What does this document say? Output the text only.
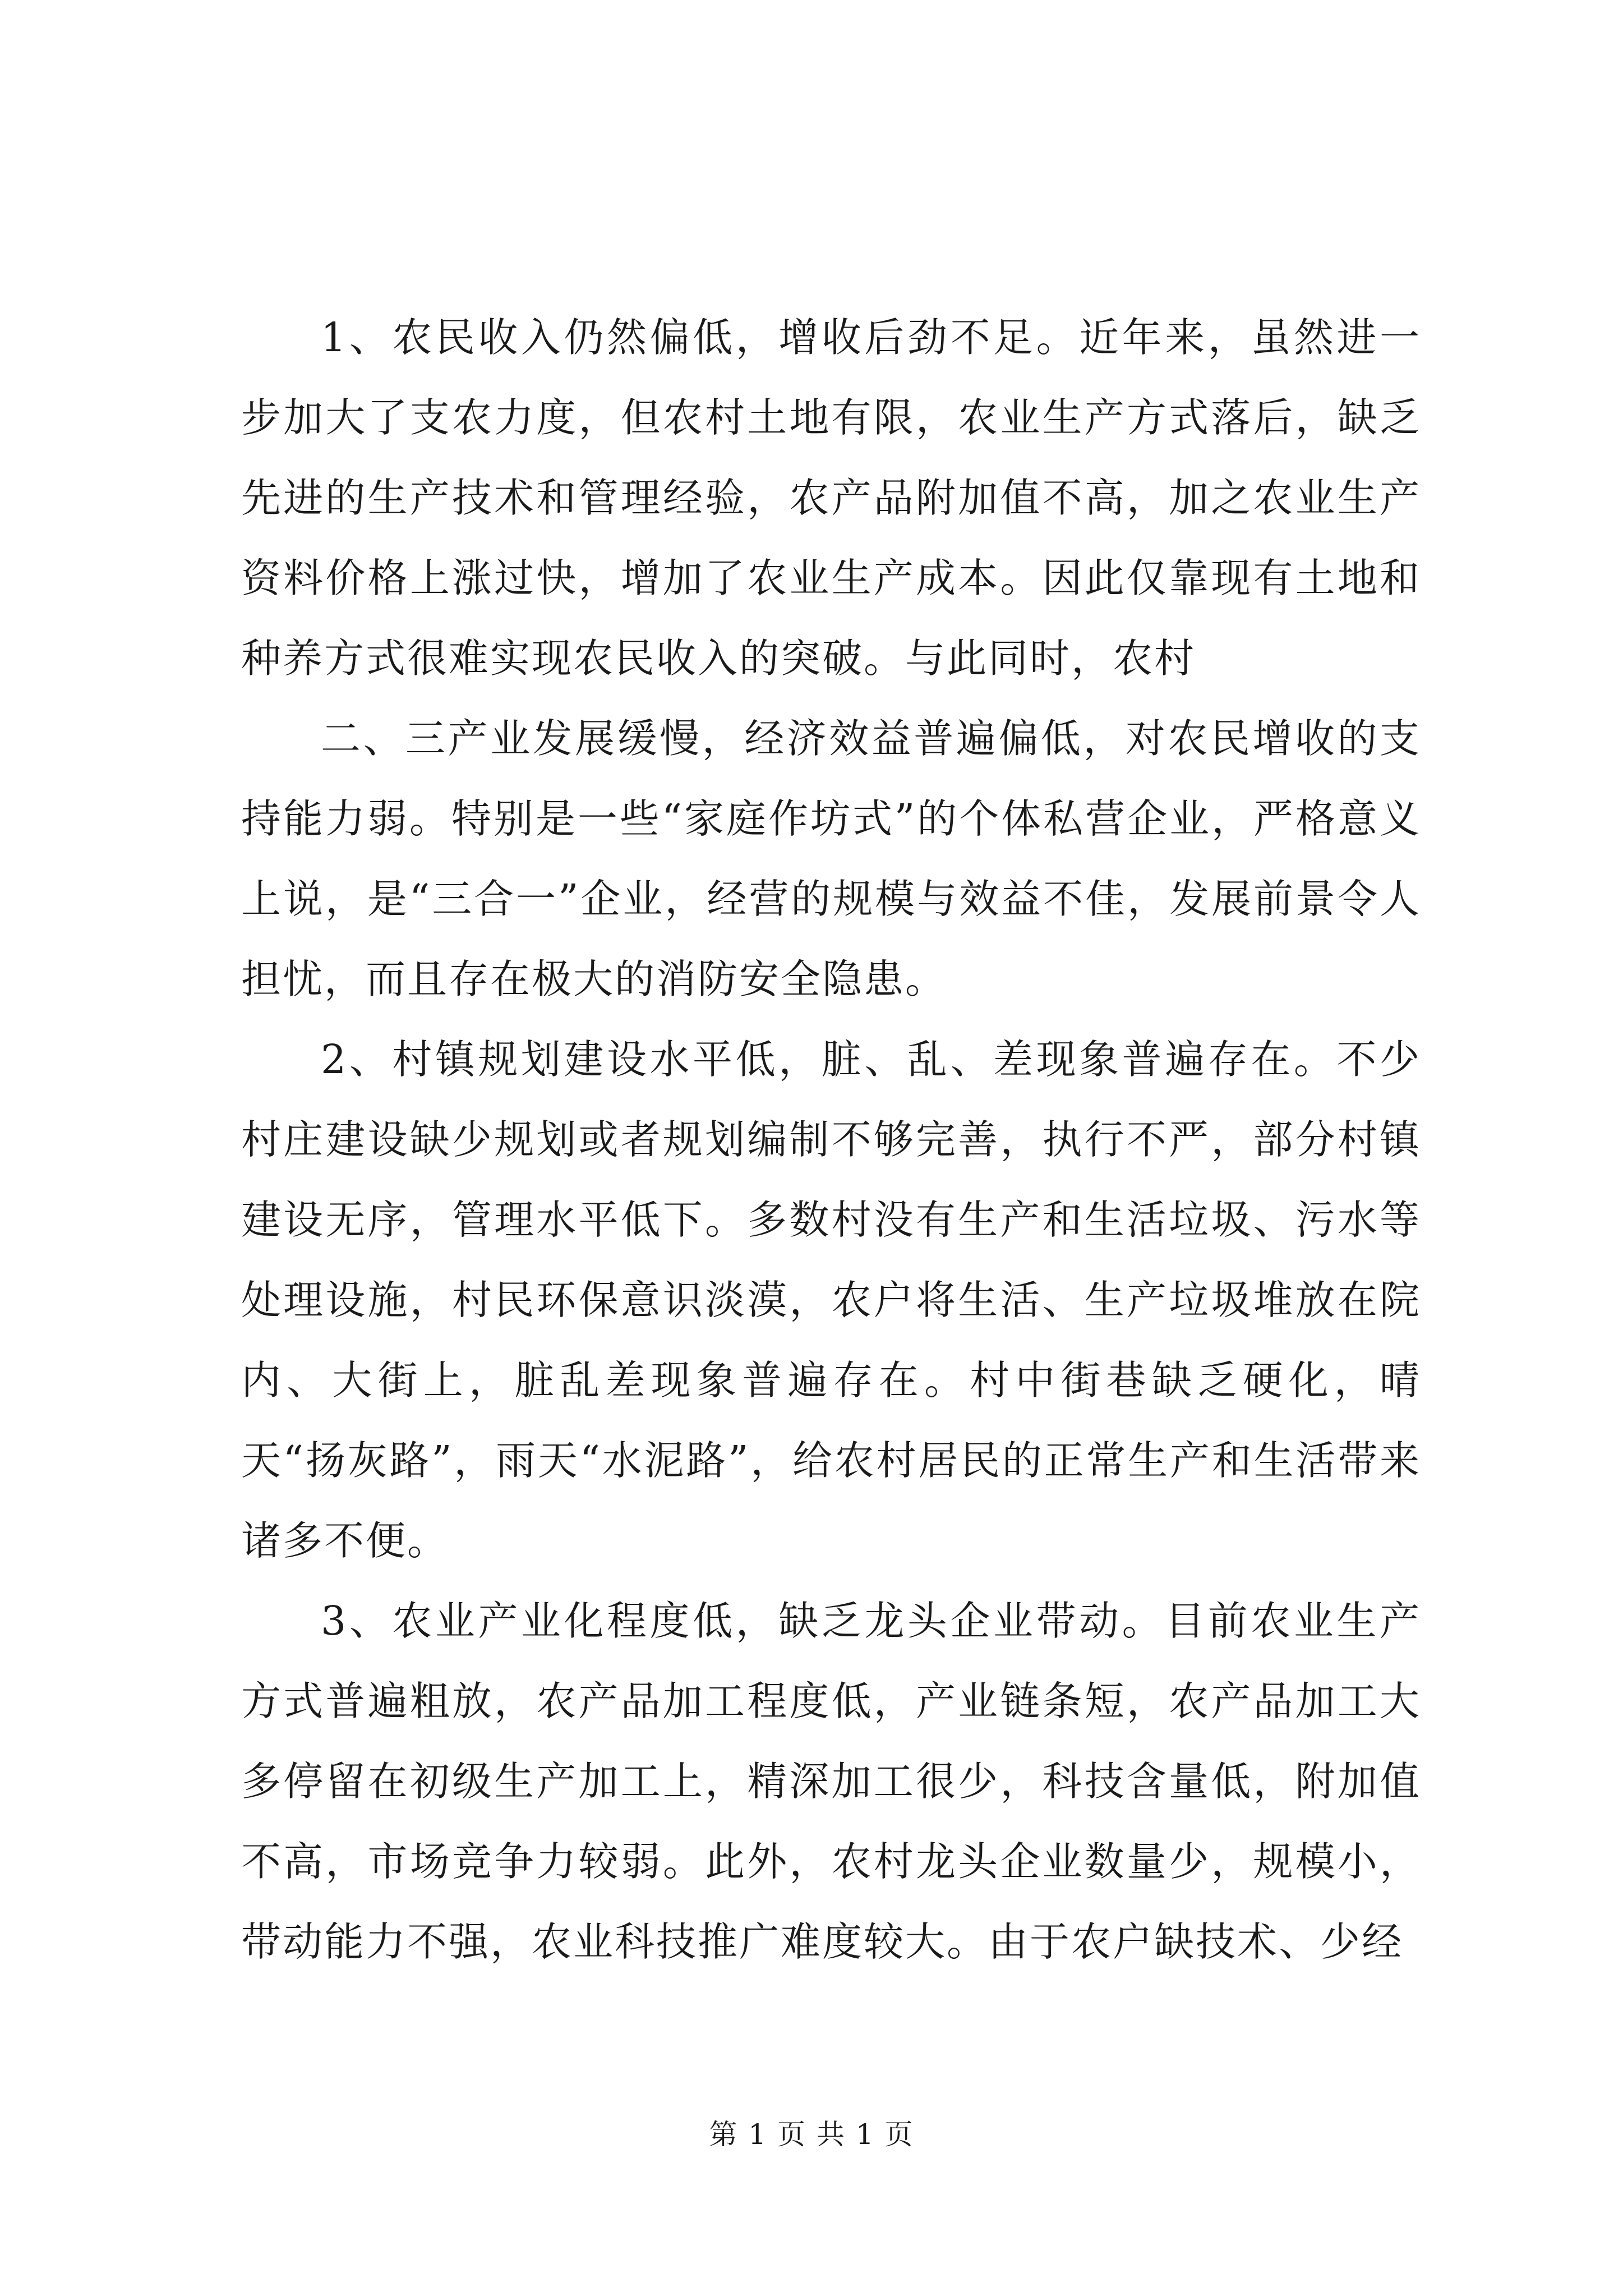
1、农民收入仍然偏低，增收后劲不足。近年来，虽然进一步加大了支农力度，但农村土地有限，农业生产方式落后，缺乏先进的生产技术和管理经验，农产品附加值不高，加之农业生产资料价格上涨过快，增加了农业生产成本。因此仅靠现有土地和种养方式很难实现农民收入的突破。与此同时，农村

二、三产业发展缓慢，经济效益普遍偏低，对农民增收的支持能力弱。特别是一些“家庭作坊式”的个体私营企业，严格意义上说，是“三合一”企业，经营的规模与效益不佳，发展前景令人担忧，而且存在极大的消防安全隐患。

2、村镇规划建设水平低，脏、乱、差现象普遍存在。不少村庄建设缺少规划或者规划编制不够完善，执行不严，部分村镇建设无序，管理水平低下。多数村没有生产和生活垃圾、污水等处理设施，村民环保意识淡漠，农户将生活、生产垃圾堆放在院内、大街上，脏乱差现象普遍存在。村中街巷缺乏硬化，晴天“扬灰路”，雨天“水泥路”，给农村居民的正常生产和生活带来诸多不便。

3、农业产业化程度低，缺乏龙头企业带动。目前农业生产方式普遍粗放，农产品加工程度低，产业链条短，农产品加工大多停留在初级生产加工上，精深加工很少，科技含量低，附加值不高，市场竞争力较弱。此外，农村龙头企业数量少，规模小，带动能力不强，农业科技推广难度较大。由于农户缺技术、少经

第 1 页 共 1 页
